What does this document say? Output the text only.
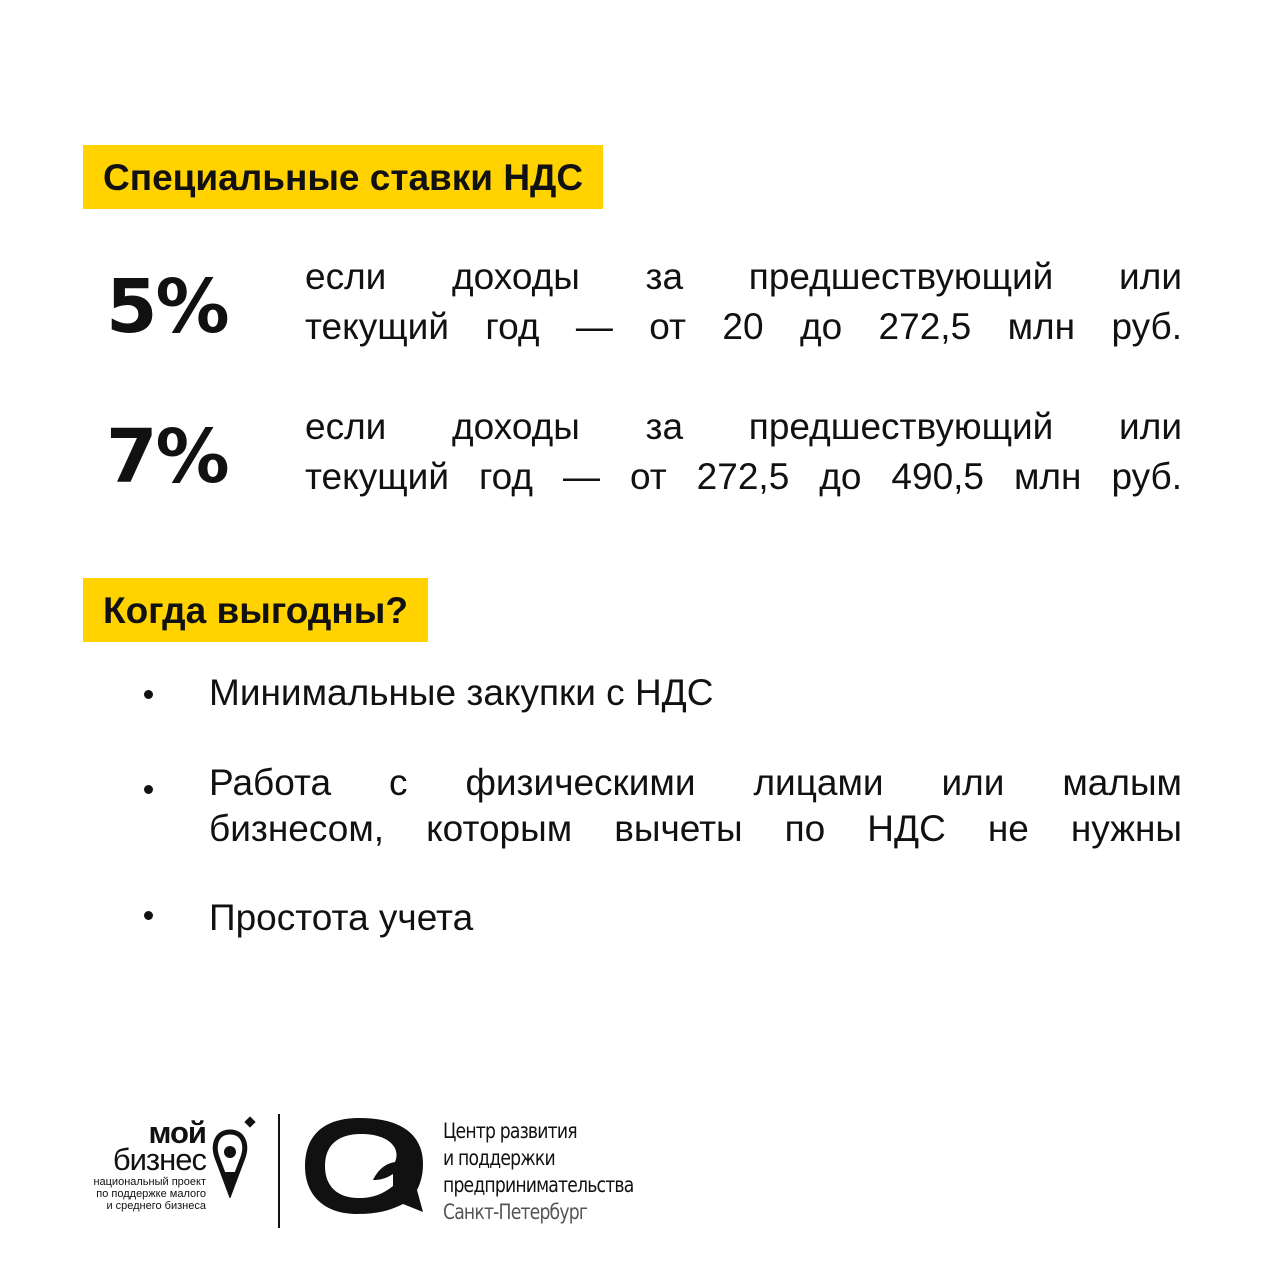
Специальные ставки НДС
5% если доходы за предшествующий или
текущий год — от 20 до 272,5 млн руб.
7% если доходы за предшествующий или
текущий год — от 272,5 до 490,5 млн руб.
Когда выгодны?
Минимальные закупки с НДС
Работа с физическими лицами или малым
бизнесом, которым вычеты по НДС не нужны
Простота учета
мой
бизнес
национальный проект
по поддержке малого
и среднего бизнеса
Центр развития
и поддержки
предпринимательства
Санкт-Петербург
